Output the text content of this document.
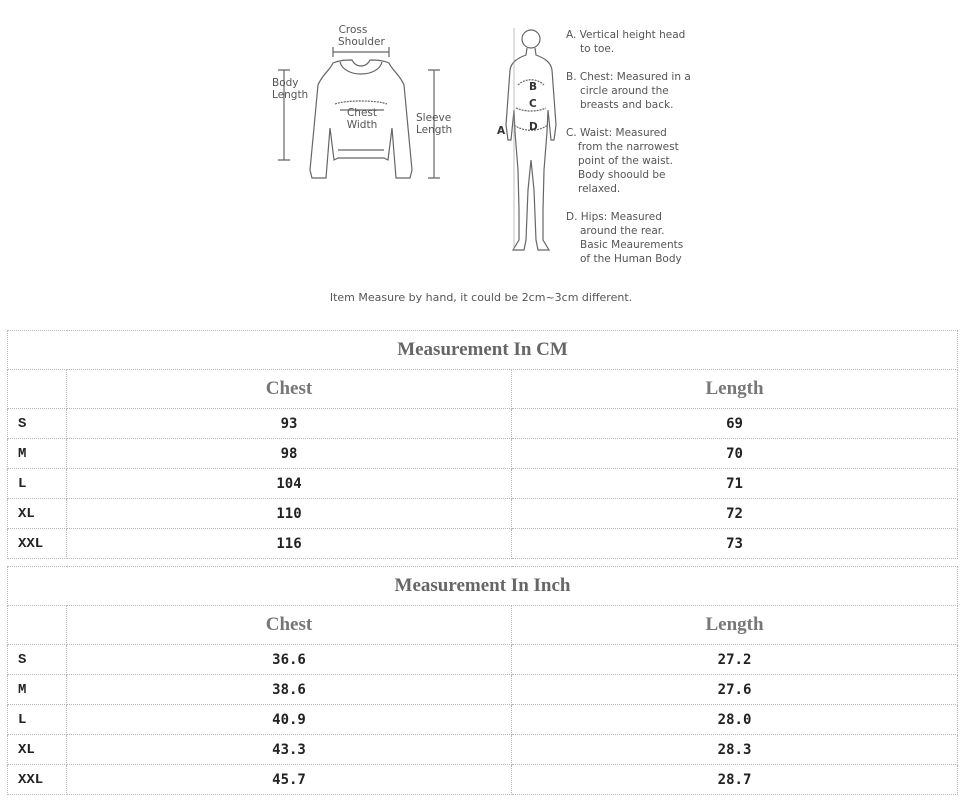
Cross
Shoulder
Body
Length
Chest
Width
Sleeve
Length	A
B
C
D
A. Vertical height head
to toe.
B. Chest: Measured in a
circle around the
breasts and back.
C. Waist: Measured
from the narrowest
point of the waist.
Body shoould be
relaxed.
D. Hips: Measured
around the rear.
Basic Meaurements
of the Human Body
Item Measure by hand, it could be 2cm~3cm different.
Measurement In CM		
	Chest	Length
S	93	69
M	98	70
L	104	71
XL	110	72
XXL	116	73
Measurement In Inch		
	Chest	Length
S	36.6	27.2
M	38.6	27.6
L	40.9	28.0
XL	43.3	28.3
XXL	45.7	28.7
